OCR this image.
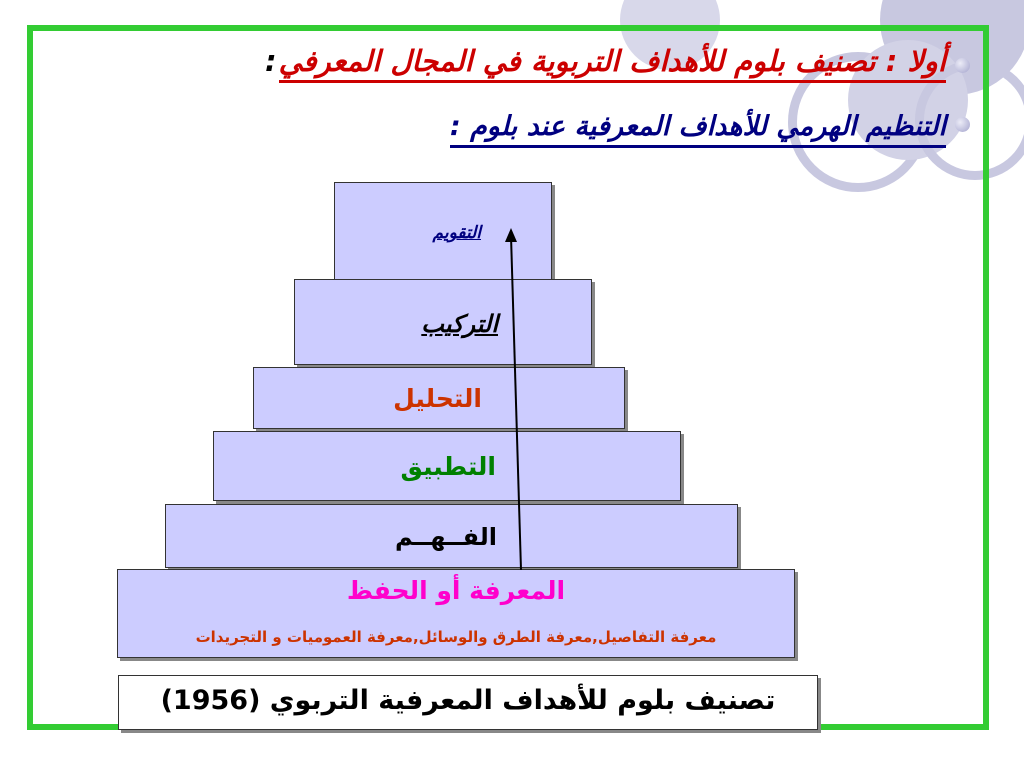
أولا : تصنيف بلوم للأهداف التربوية في المجال المعرفي:
التنظيم الهرمي للأهداف المعرفية عند بلوم :
التقويم
التركيب
التحليل
التطبيق
الفــهــم
المعرفة أو الحفظ
معرفة التفاصيل,معرفة الطرق والوسائل,معرفة العموميات و التجريدات
تصنيف بلوم للأهداف المعرفية التربوي (1956)
